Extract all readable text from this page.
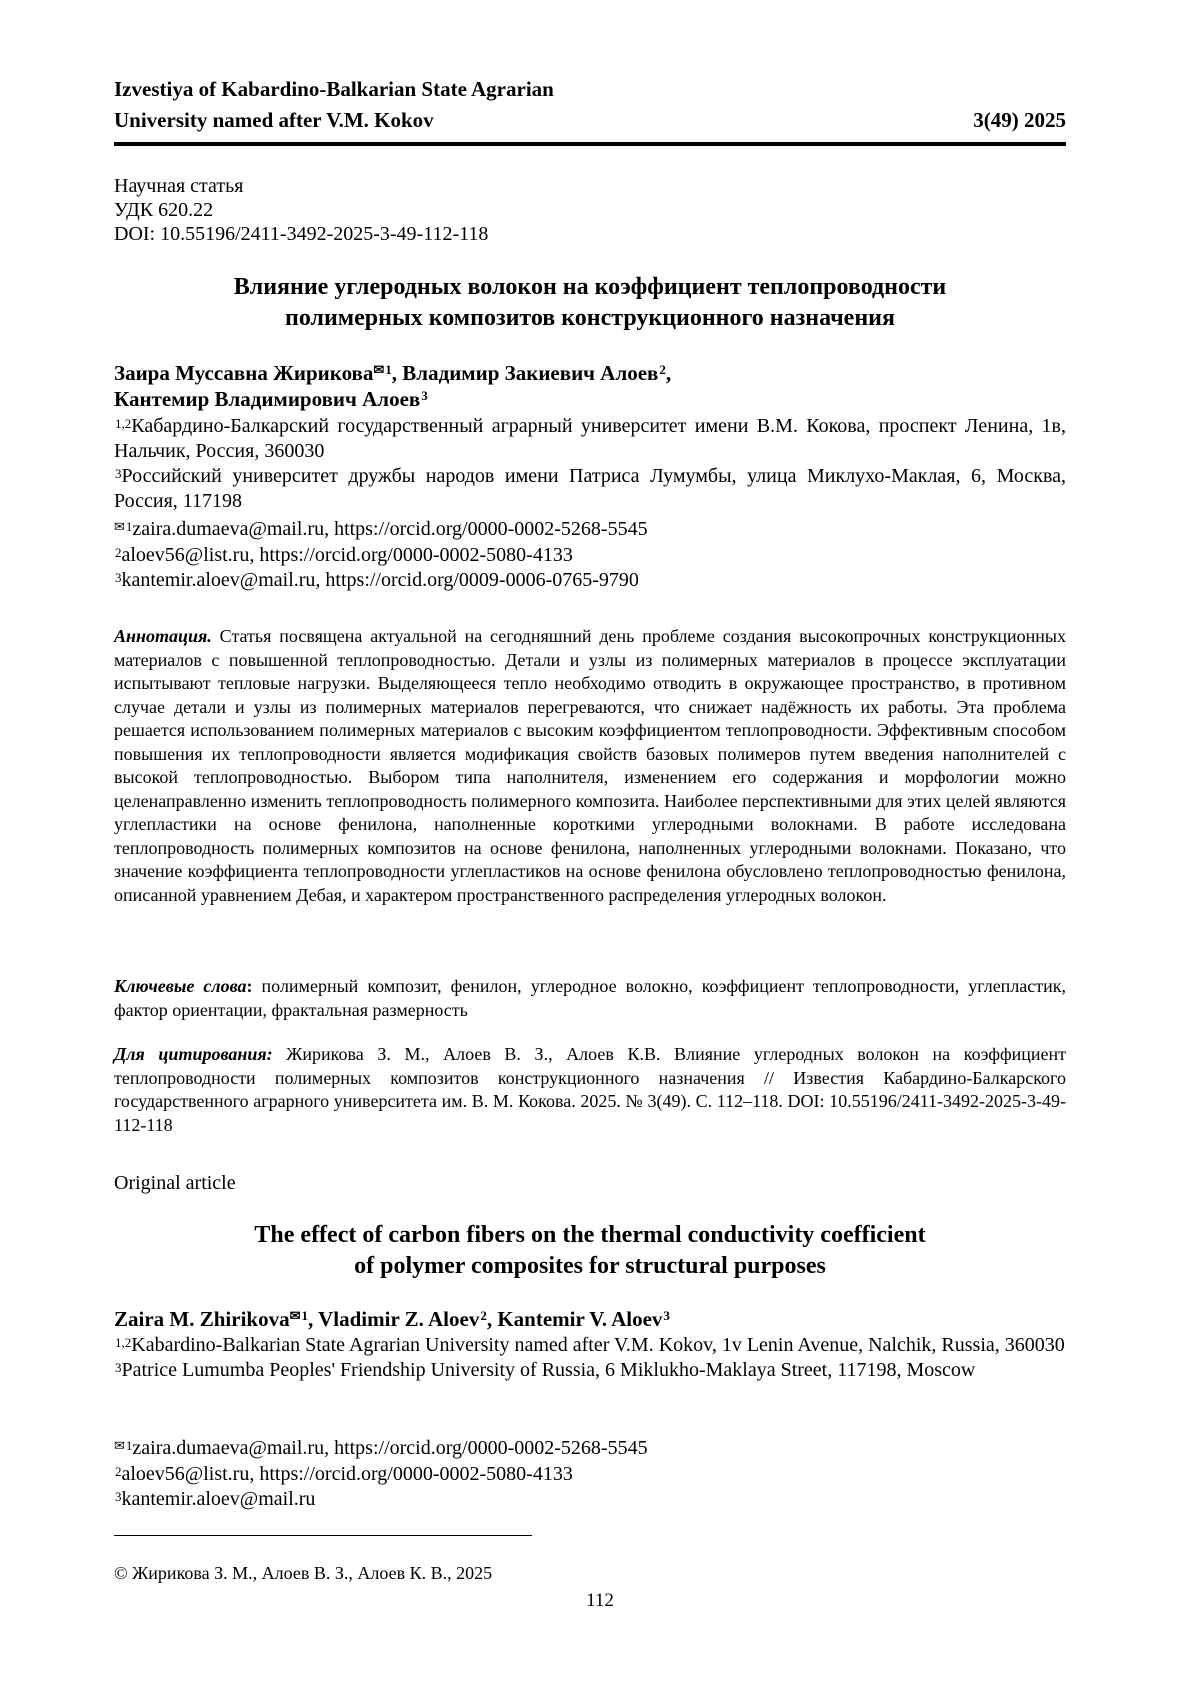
Izvestiya of Kabardino-Balkarian State Agrarian
University named after V.M. Kokov	3(49) 2025
Научная статья
УДК 620.22
DOI: 10.55196/2411-3492-2025-3-49-112-118
Влияние углеродных волокон на коэффициент теплопроводности
полимерных композитов конструкционного назначения
Заира Муссавна Жирикова✉1, Владимир Закиевич Алоев2,
Кантемир Владимирович Алоев3
1,2Кабардино-Балкарский государственный аграрный университет имени В.М. Кокова, проспект Ленина, 1в, Нальчик, Россия, 360030
3Российский университет дружбы народов имени Патриса Лумумбы, улица Миклухо-Маклая, 6, Москва, Россия, 117198
✉1zaira.dumaeva@mail.ru, https://orcid.org/0000-0002-5268-5545
2aloev56@list.ru, https://orcid.org/0000-0002-5080-4133
3kantemir.aloev@mail.ru, https://orcid.org/0009-0006-0765-9790
Аннотация. Статья посвящена актуальной на сегодняшний день проблеме создания высокопрочных конструкционных материалов с повышенной теплопроводностью. Детали и узлы из полимерных материалов в процессе эксплуатации испытывают тепловые нагрузки. Выделяющееся тепло необходимо отводить в окружающее пространство, в противном случае детали и узлы из полимерных материалов перегреваются, что снижает надёжность их работы. Эта проблема решается использованием полимерных материалов с высоким коэффициентом теплопроводности. Эффективным способом повышения их теплопроводности является модификация свойств базовых полимеров путем введения наполнителей с высокой теплопроводностью. Выбором типа наполнителя, изменением его содержания и морфологии можно целенаправленно изменить теплопроводность полимерного композита. Наиболее перспективными для этих целей являются углепластики на основе фенилона, наполненные короткими углеродными волокнами. В работе исследована теплопроводность полимерных композитов на основе фенилона, наполненных углеродными волокнами. Показано, что значение коэффициента теплопроводности углепластиков на основе фенилона обусловлено теплопроводностью фенилона, описанной уравнением Дебая, и характером пространственного распределения углеродных волокон.
Ключевые слова: полимерный композит, фенилон, углеродное волокно, коэффициент теплопроводности, углепластик, фактор ориентации, фрактальная размерность
Для цитирования: Жирикова З. М., Алоев В. З., Алоев К.В. Влияние углеродных волокон на коэффициент теплопроводности полимерных композитов конструкционного назначения // Известия Кабардино-Балкарского государственного аграрного университета им. В. М. Кокова. 2025. № 3(49). С. 112–118. DOI: 10.55196/2411-3492-2025-3-49-112-118
Original article
The effect of carbon fibers on the thermal conductivity coefficient
of polymer composites for structural purposes
Zaira M. Zhirikova✉1, Vladimir Z. Aloev2, Kantemir V. Aloev3
1,2Kabardino-Balkarian State Agrarian University named after V.M. Kokov, 1v Lenin Avenue, Nalchik, Russia, 360030
3Patrice Lumumba Peoples' Friendship University of Russia, 6 Miklukho-Maklaya Street, 117198, Moscow
✉1zaira.dumaeva@mail.ru, https://orcid.org/0000-0002-5268-5545
2aloev56@list.ru, https://orcid.org/0000-0002-5080-4133
3kantemir.aloev@mail.ru
© Жирикова З. М., Алоев В. З., Алоев К. В., 2025
112
